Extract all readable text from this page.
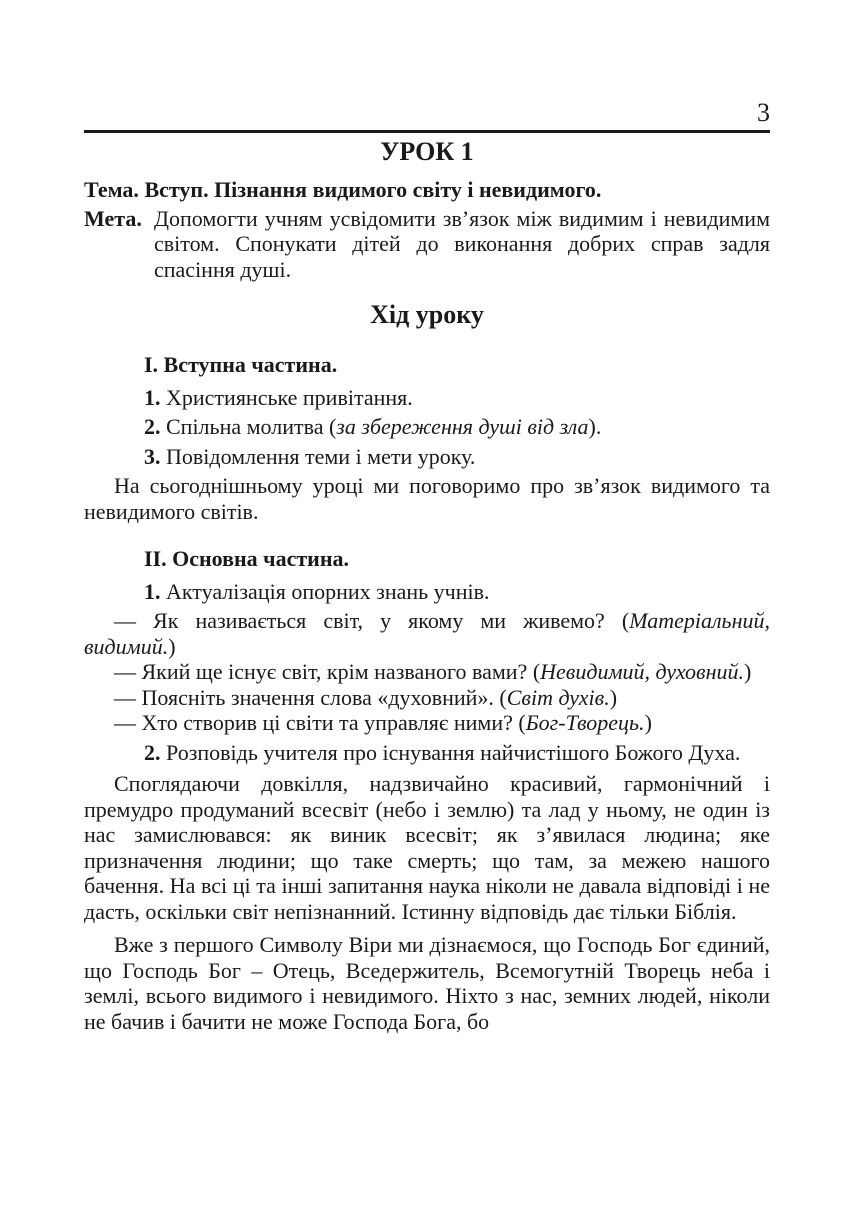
3
УРОК 1

Тема. Вступ. Пізнання видимого світу і невидимого.

Мета. Допомогти учням усвідомити зв’язок між видимим і невидимим світом. Спонукати дітей до виконання добрих справ задля спасіння душі.
Хід уроку
І. Вступна частина.
1. Християнське привітання.
2. Спільна молитва (за збереження душі від зла).
3. Повідомлення теми і мети уроку.

На сьогоднішньому уроці ми поговоримо про зв’язок видимого та невидимого світів.

ІІ. Основна частина.
1. Актуалізація опорних знань учнів.

— Як називається світ, у якому ми живемо? (Матеріальний, видимий.)

— Який ще існує світ, крім названого вами? (Невидимий, духовний.)

— Поясніть значення слова «духовний». (Світ духів.)

— Хто створив ці світи та управляє ними? (Бог-Творець.)

2. Розповідь учителя про існування найчистішого Божого Духа.

Споглядаючи довкілля, надзвичайно красивий, гармонічний і премудро продуманий всесвіт (небо і землю) та лад у ньому, не один із нас замислювався: як виник всесвіт; як з’явилася людина; яке призначення людини; що таке смерть; що там, за межею нашого бачення. На всі ці та інші запитання наука ніколи не давала відповіді і не дасть, оскільки світ непізнанний. Істинну відповідь дає тільки Біблія.

Вже з першого Символу Віри ми дізнаємося, що Господь Бог єдиний, що Господь Бог – Отець, Вседержитель, Всемогутній Творець неба і землі, всього видимого і невидимого. Ніхто з нас, земних людей, ніколи не бачив і бачити не може Господа Бога, бо
